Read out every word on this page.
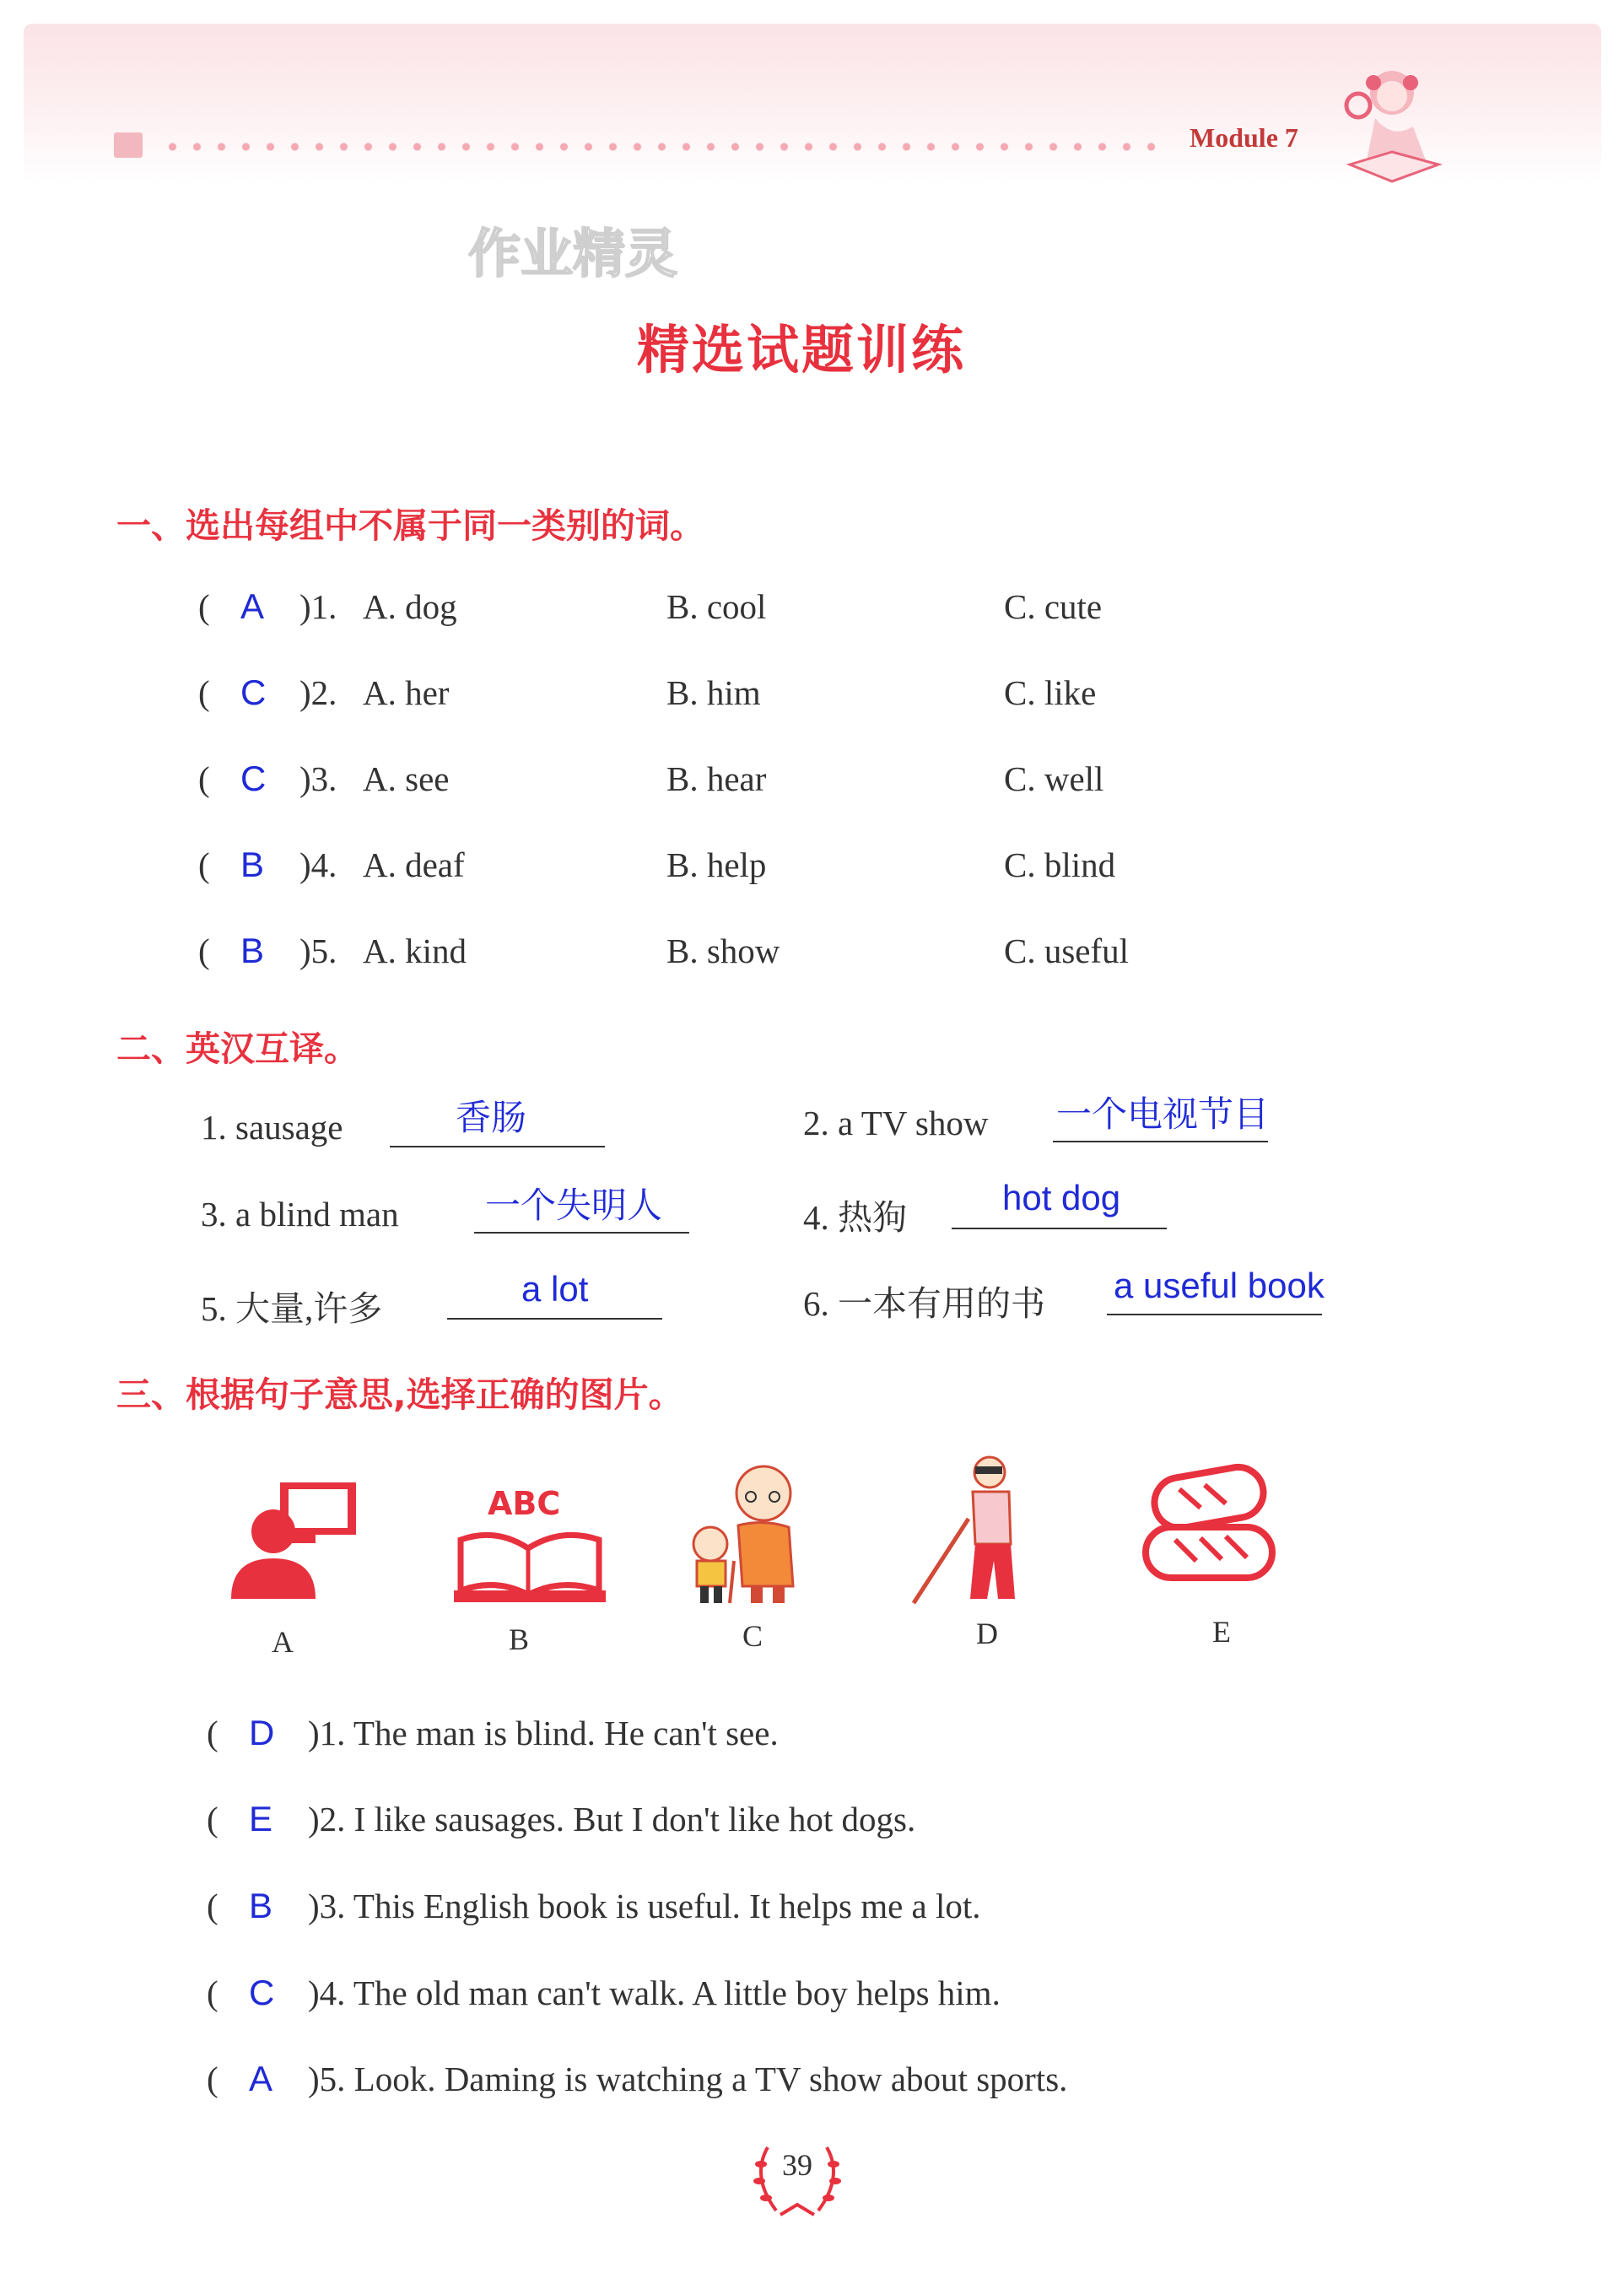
Module 7
作业精灵
精选试题训练
一、选出每组中不属于同一类别的词。
( A )1. A. dog	B. cool	C. cute
( C )2. A. her	B. him	C. like
( C )3. A. see	B. hear	C. well
( B )4. A. deaf	B. help	C. blind
( B )5. A. kind	B. show	C. useful
二、英汉互译。
1. sausage	香肠	2. a TV show 一个电视节目
3. a blind man 一个失明人	4. 热狗	hot dog
5. 大量,许多	a lot	6. 一本有用的书 a useful book
三、根据句子意思,选择正确的图片。
ABC
A	B	C	D	E
( D )1. The man is blind. He can't see.
( E )2. I like sausages. But I don't like hot dogs.
( B )3. This English book is useful. It helps me a lot.
( C )4. The old man can't walk. A little boy helps him.
( A )5. Look. Daming is watching a TV show about sports.
39
